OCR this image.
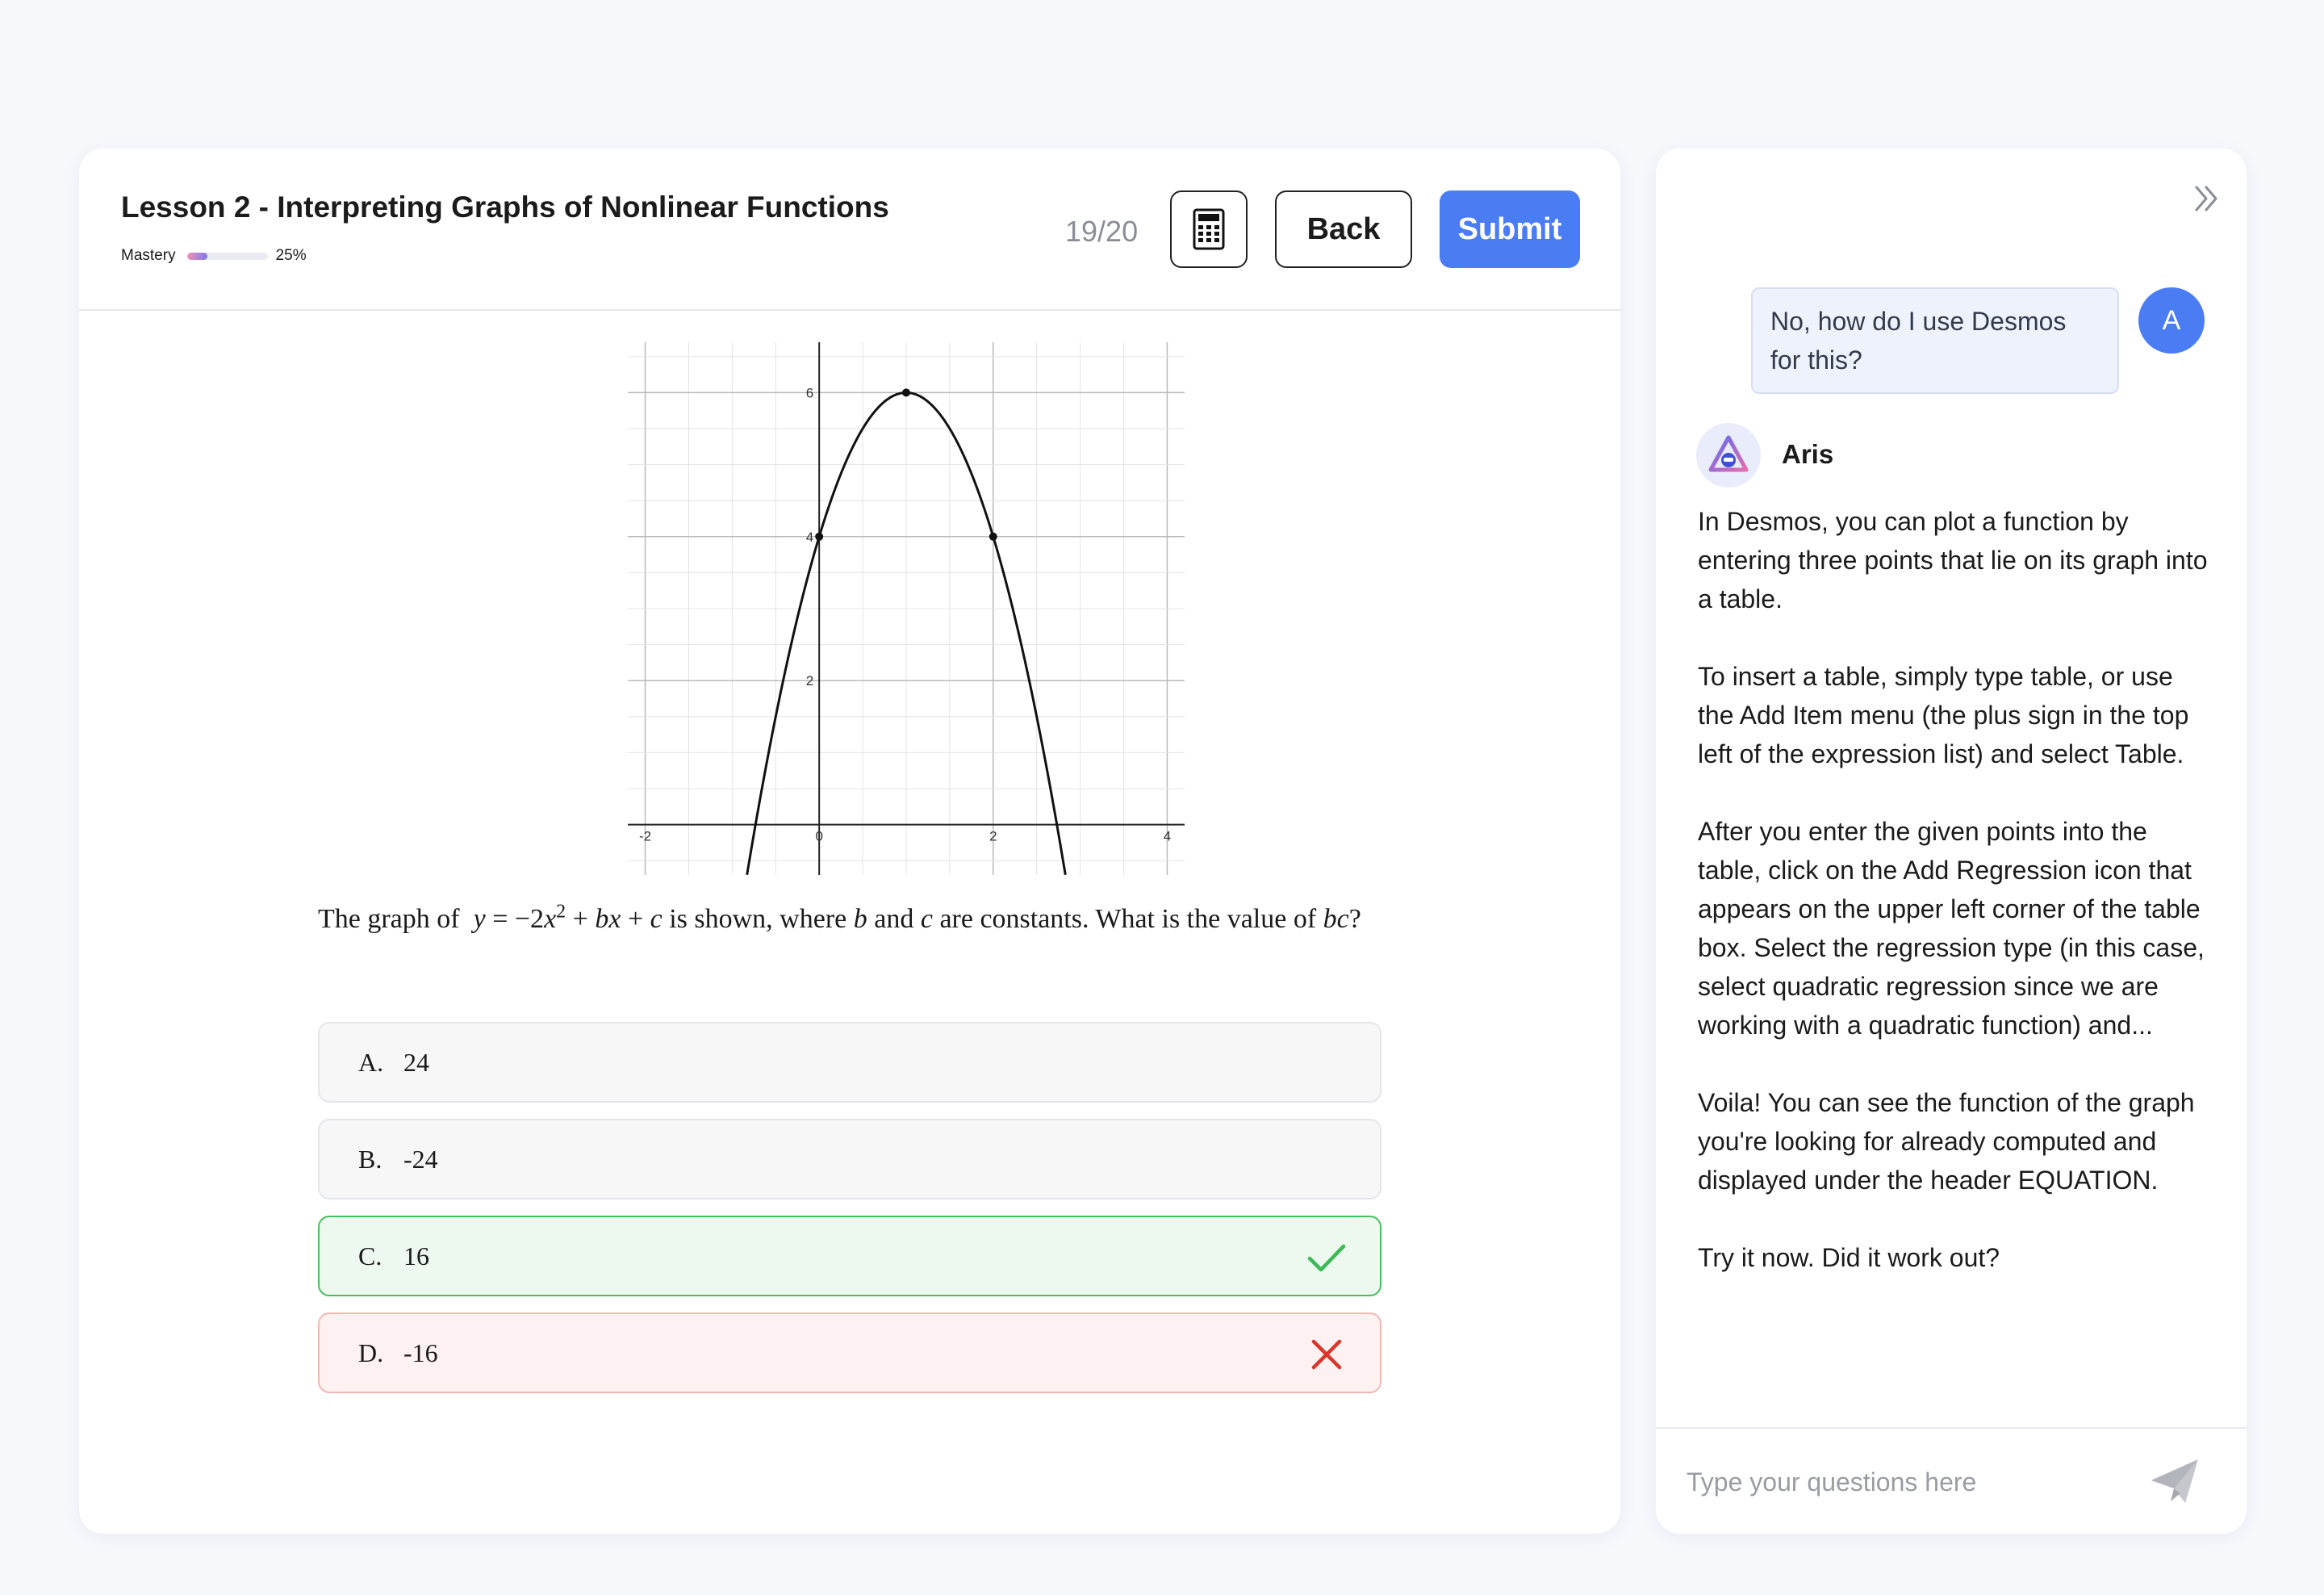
Lesson 2 - Interpreting Graphs of Nonlinear Functions
Mastery	25%
19/20	Back	Submit
-2	0	2	4
2
4
6
The graph of $y = -2x^2$ + bx + c is shown, where b and c are constants. What is the value of bc?
A. 24
B. -24
C. 16
D. -16
No, how do I use Desmos for this?
A
Aris

In Desmos, you can plot a function by entering three points that lie on its graph into a table.

To insert a table, simply type table, or use the Add Item menu (the plus sign in the top left of the expression list) and select Table.

After you enter the given points into the table, click on the Add Regression icon that appears on the upper left corner of the table box. Select the regression type (in this case, select quadratic regression since we are working with a quadratic function) and...

Voila! You can see the function of the graph you're looking for already computed and displayed under the header EQUATION.

Try it now. Did it work out?

Type your questions here
